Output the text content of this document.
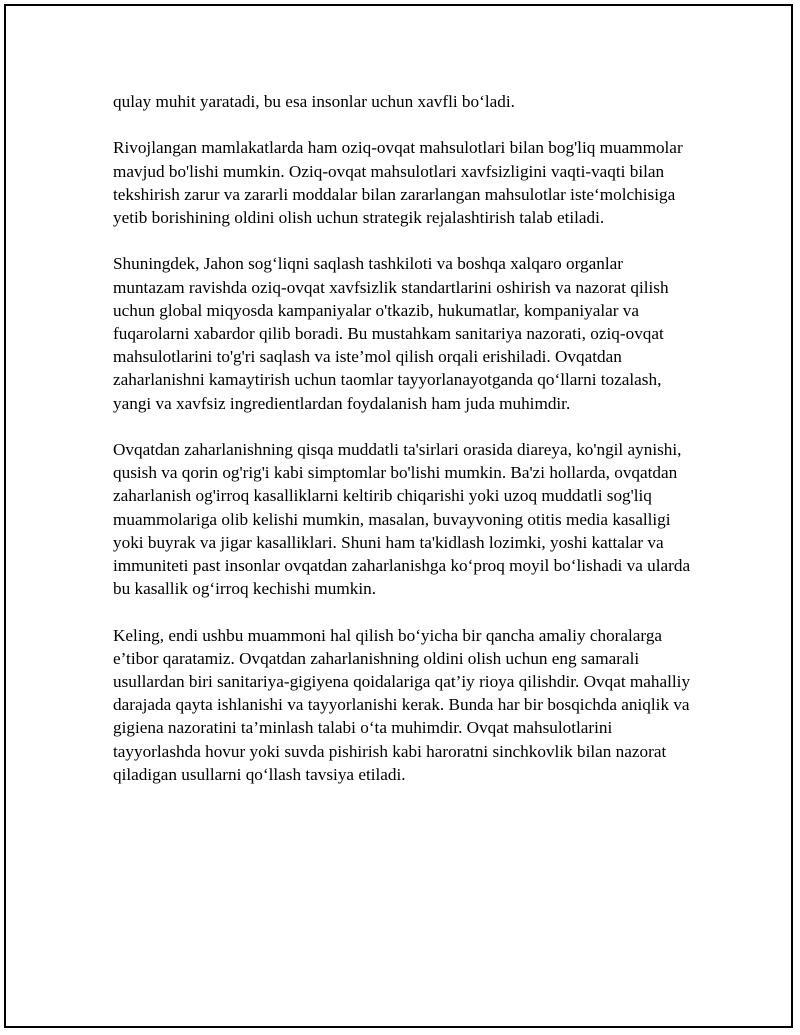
qulay muhit yaratadi, bu esa insonlar uchun xavfli bo‘ladi.

Rivojlangan mamlakatlarda ham oziq-ovqat mahsulotlari bilan bog'liq muammolar mavjud bo'lishi mumkin. Oziq-ovqat mahsulotlari xavfsizligini vaqti-vaqti bilan tekshirish zarur va zararli moddalar bilan zararlangan mahsulotlar iste‘molchisiga yetib borishining oldini olish uchun strategik rejalashtirish talab etiladi.

Shuningdek, Jahon sog‘liqni saqlash tashkiloti va boshqa xalqaro organlar muntazam ravishda oziq-ovqat xavfsizlik standartlarini oshirish va nazorat qilish uchun global miqyosda kampaniyalar o'tkazib, hukumatlar, kompaniyalar va fuqarolarni xabardor qilib boradi. Bu mustahkam sanitariya nazorati, oziq-ovqat mahsulotlarini to'g'ri saqlash va iste’mol qilish orqali erishiladi. Ovqatdan zaharlanishni kamaytirish uchun taomlar tayyorlanayotganda qo‘llarni tozalash, yangi va xavfsiz ingredientlardan foydalanish ham juda muhimdir.

Ovqatdan zaharlanishning qisqa muddatli ta'sirlari orasida diareya, ko'ngil aynishi, qusish va qorin og'rig'i kabi simptomlar bo'lishi mumkin. Ba'zi hollarda, ovqatdan zaharlanish og'irroq kasalliklarni keltirib chiqarishi yoki uzoq muddatli sog'liq muammolariga olib kelishi mumkin, masalan, buvayvoning otitis media kasalligi yoki buyrak va jigar kasalliklari. Shuni ham ta'kidlash lozimki, yoshi kattalar va immuniteti past insonlar ovqatdan zaharlanishga ko‘proq moyil bo‘lishadi va ularda bu kasallik og‘irroq kechishi mumkin.

Keling, endi ushbu muammoni hal qilish bo‘yicha bir qancha amaliy choralarga e’tibor qaratamiz. Ovqatdan zaharlanishning oldini olish uchun eng samarali usullardan biri sanitariya-gigiyena qoidalariga qat’iy rioya qilishdir. Ovqat mahalliy darajada qayta ishlanishi va tayyorlanishi kerak. Bunda har bir bosqichda aniqlik va gigiena nazoratini ta’minlash talabi o‘ta muhimdir. Ovqat mahsulotlarini tayyorlashda hovur yoki suvda pishirish kabi haroratni sinchkovlik bilan nazorat qiladigan usullarni qo‘llash tavsiya etiladi.
